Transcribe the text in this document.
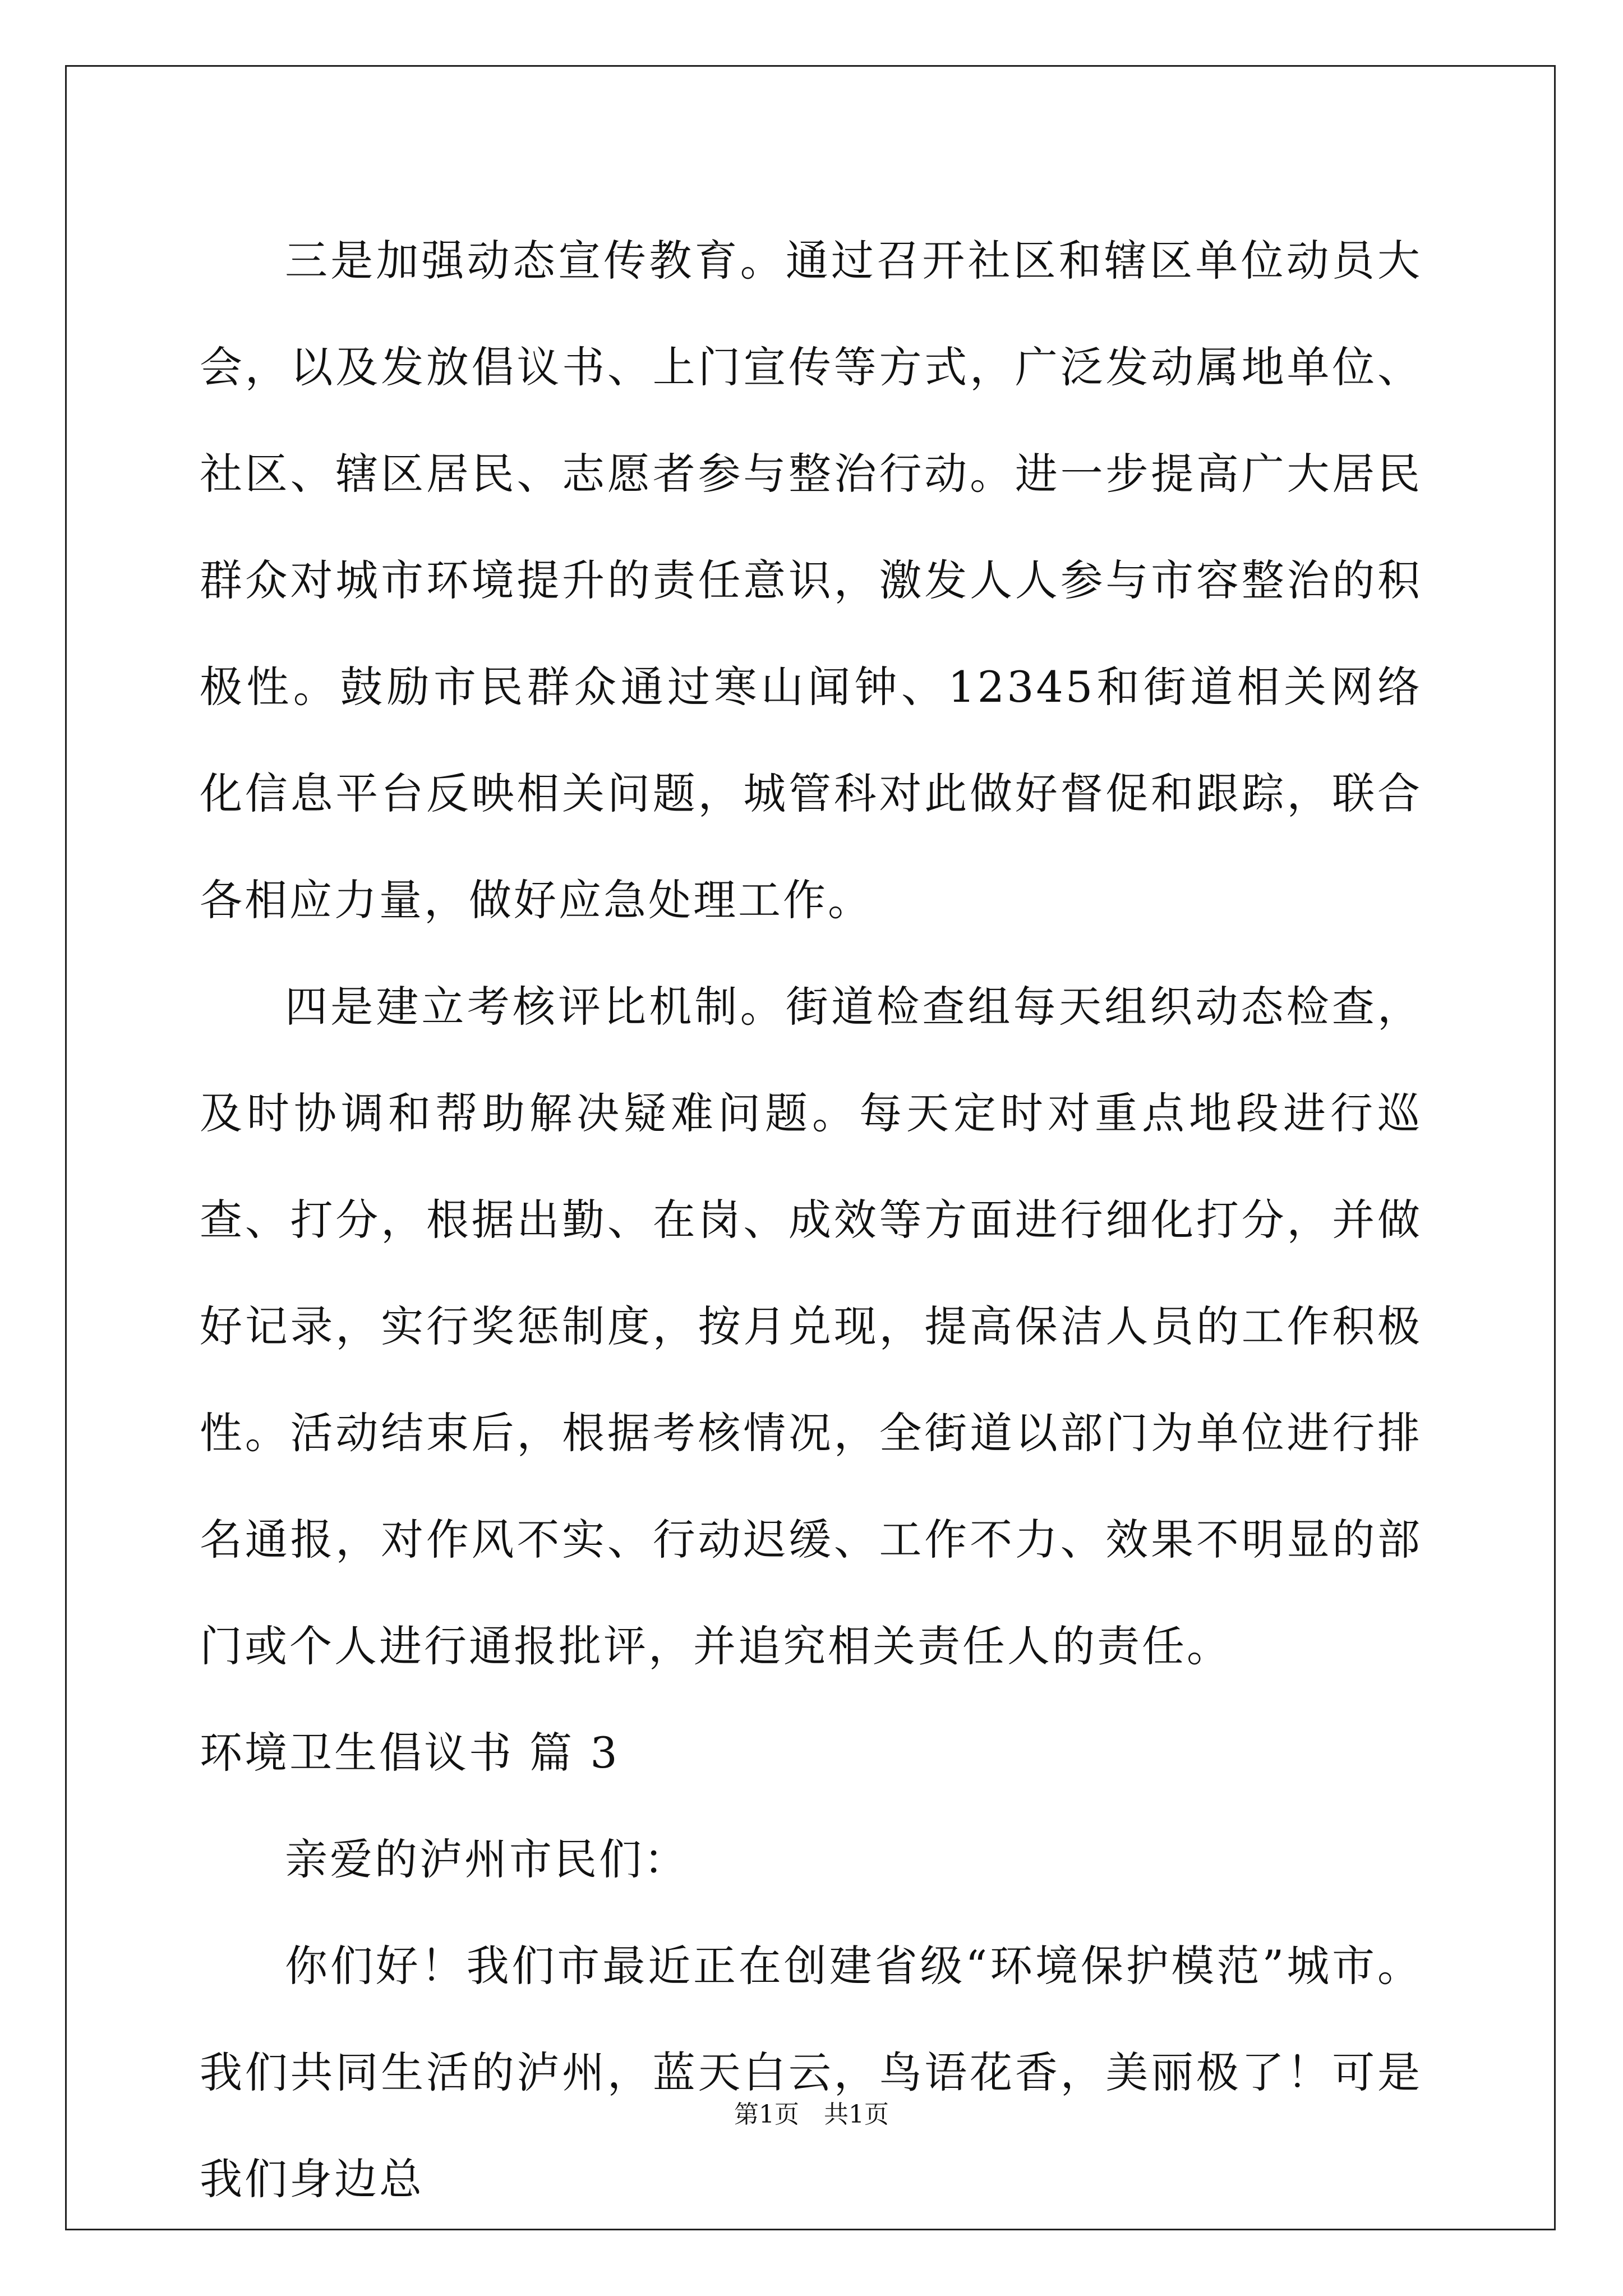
三是加强动态宣传教育。通过召开社区和辖区单位动员大会，以及发放倡议书、上门宣传等方式，广泛发动属地单位、社区、辖区居民、志愿者参与整治行动。进一步提高广大居民群众对城市环境提升的责任意识，激发人人参与市容整治的积极性。鼓励市民群众通过寒山闻钟、12345和街道相关网络化信息平台反映相关问题，城管科对此做好督促和跟踪，联合各相应力量，做好应急处理工作。

四是建立考核评比机制。街道检查组每天组织动态检查，及时协调和帮助解决疑难问题。每天定时对重点地段进行巡查、打分，根据出勤、在岗、成效等方面进行细化打分，并做好记录，实行奖惩制度，按月兑现，提高保洁人员的工作积极性。活动结束后，根据考核情况，全街道以部门为单位进行排名通报，对作风不实、行动迟缓、工作不力、效果不明显的部门或个人进行通报批评，并追究相关责任人的责任。

环境卫生倡议书 篇 3

亲爱的泸州市民们：

你们好！我们市最近正在创建省级“环境保护模范”城市。我们共同生活的泸州，蓝天白云，鸟语花香，美丽极了！可是我们身边总

第1页 共1页
